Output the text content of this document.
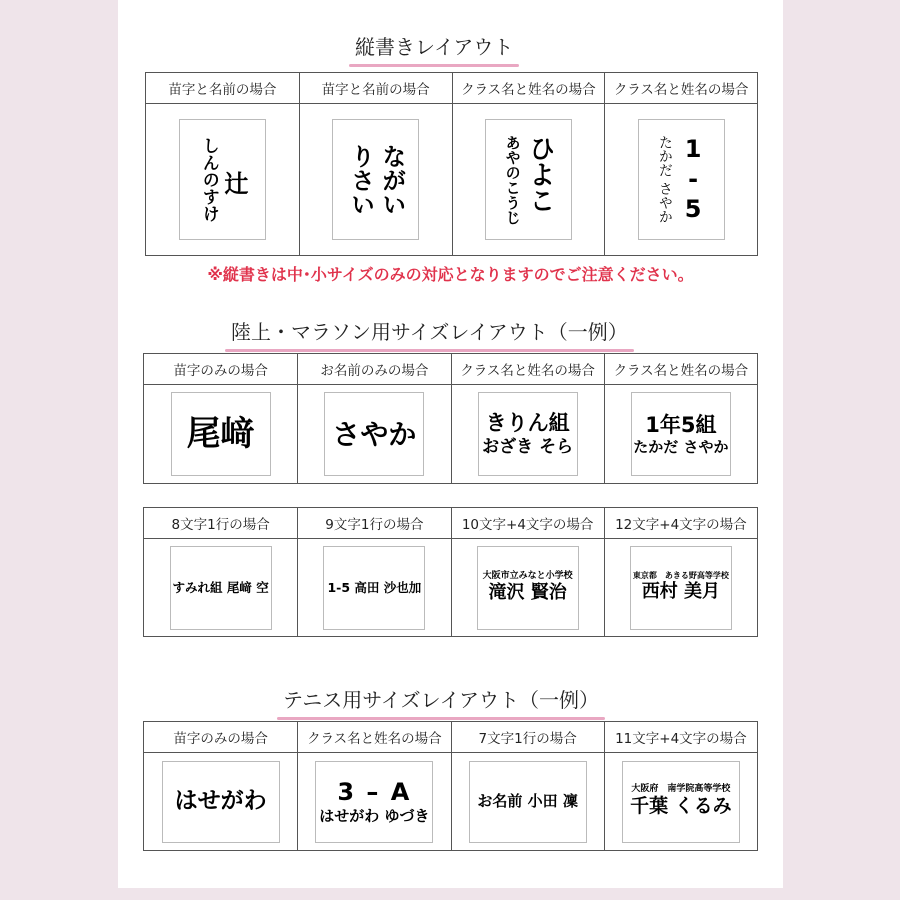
縦書きレイアウト
苗字と名前の場合
辻
しんのすけ
苗字と名前の場合
ながい
りさい
クラス名と姓名の場合
ひよこ
あやのこうじ
クラス名と姓名の場合
1-5
たかだ さやか
※縦書きは中･小サイズのみの対応となりますのでご注意ください。
陸上・マラソン用サイズレイアウト（一例）
苗字のみの場合
尾﨑
お名前のみの場合
さやか
クラス名と姓名の場合
きりん組
おざき そら
クラス名と姓名の場合
1年5組
たかだ さやか
8文字1行の場合
すみれ組 尾﨑 空
9文字1行の場合
1-5 高田 沙也加
10文字+4文字の場合
大阪市立みなと小学校
滝沢 賢治
12文字+4文字の場合
東京都　あきる野高等学校
西村 美月
テニス用サイズレイアウト（一例）
苗字のみの場合
はせがわ
クラス名と姓名の場合
3 – A
はせがわ ゆづき
7文字1行の場合
お名前 小田 凜
11文字+4文字の場合
大阪府　南学院高等学校
千葉 くるみ
